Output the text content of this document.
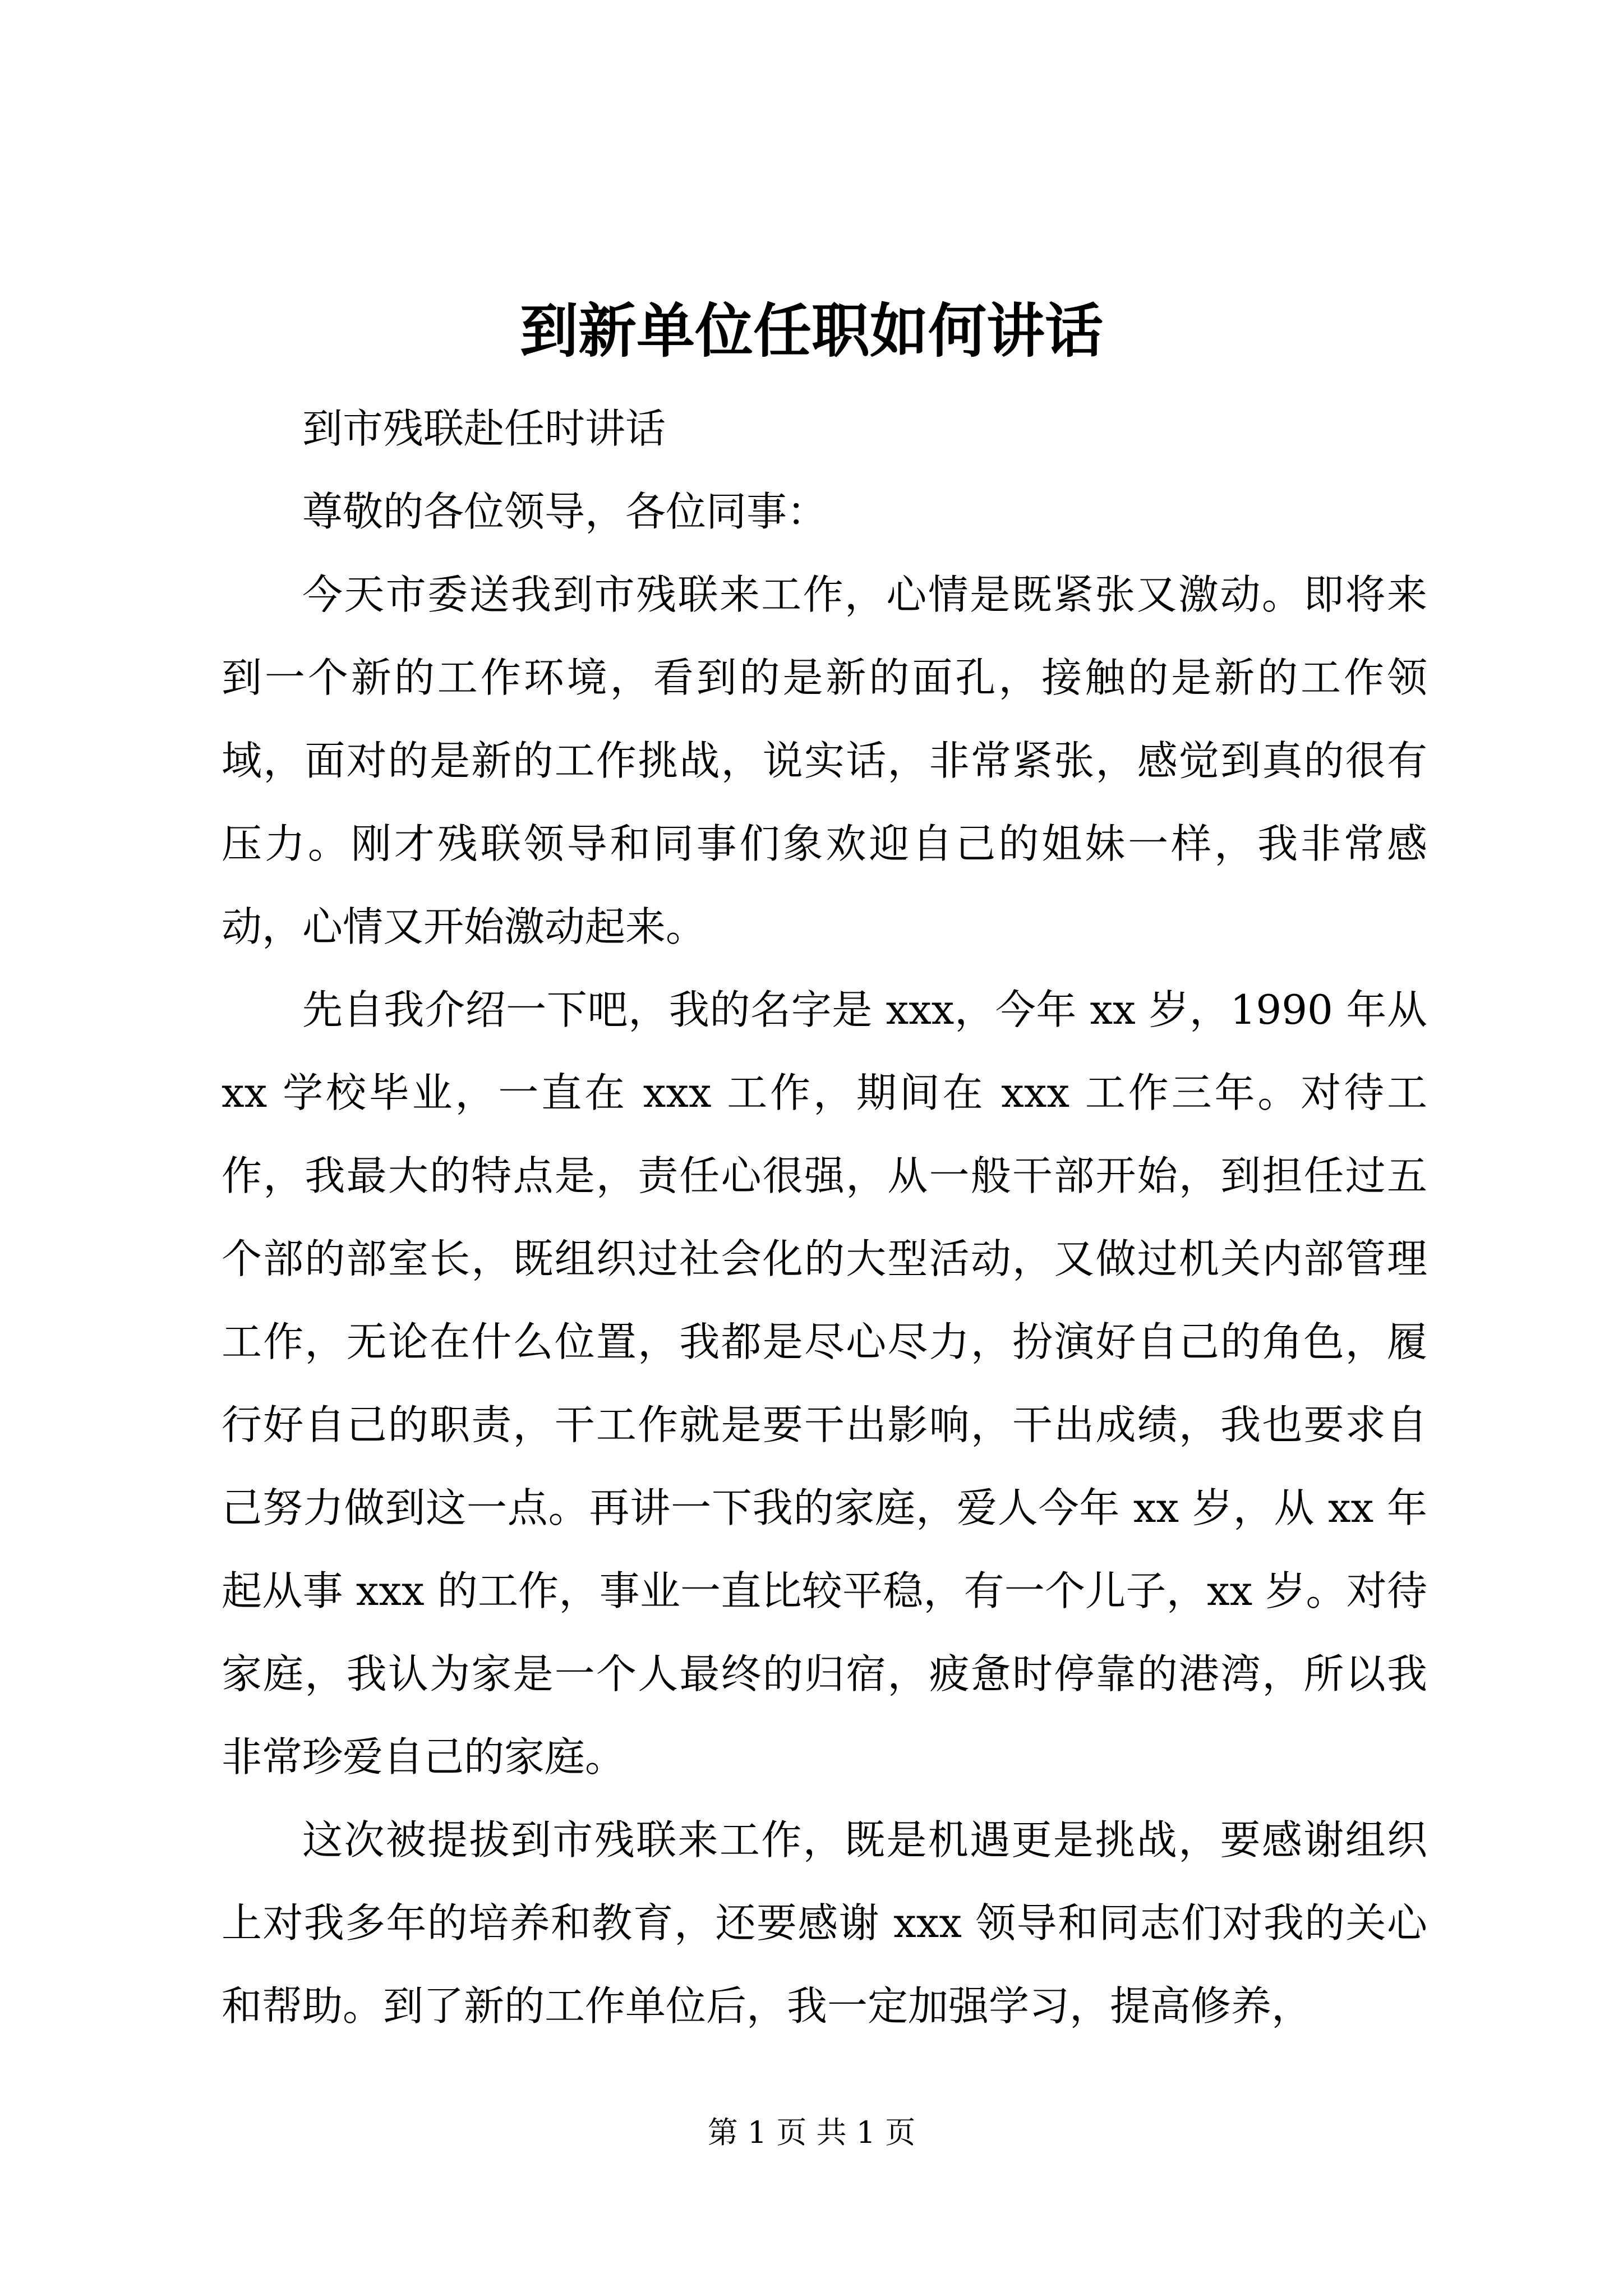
到新单位任职如何讲话

到市残联赴任时讲话

尊敬的各位领导，各位同事：

今天市委送我到市残联来工作，心情是既紧张又激动。即将来到一个新的工作环境，看到的是新的面孔，接触的是新的工作领域，面对的是新的工作挑战，说实话，非常紧张，感觉到真的很有压力。刚才残联领导和同事们象欢迎自己的姐妹一样，我非常感动，心情又开始激动起来。

先自我介绍一下吧，我的名字是 xxx，今年 xx 岁，1990 年从 xx 学校毕业，一直在 xxx 工作，期间在 xxx 工作三年。对待工作，我最大的特点是，责任心很强，从一般干部开始，到担任过五个部的部室长，既组织过社会化的大型活动，又做过机关内部管理工作，无论在什么位置，我都是尽心尽力，扮演好自己的角色，履行好自己的职责，干工作就是要干出影响，干出成绩，我也要求自己努力做到这一点。再讲一下我的家庭，爱人今年 xx 岁，从 xx 年起从事 xxx 的工作，事业一直比较平稳，有一个儿子，xx 岁。对待家庭，我认为家是一个人最终的归宿，疲惫时停靠的港湾，所以我非常珍爱自己的家庭。

这次被提拔到市残联来工作，既是机遇更是挑战，要感谢组织上对我多年的培养和教育，还要感谢 xxx 领导和同志们对我的关心和帮助。到了新的工作单位后，我一定加强学习，提高修养，

第 1 页 共 1 页
